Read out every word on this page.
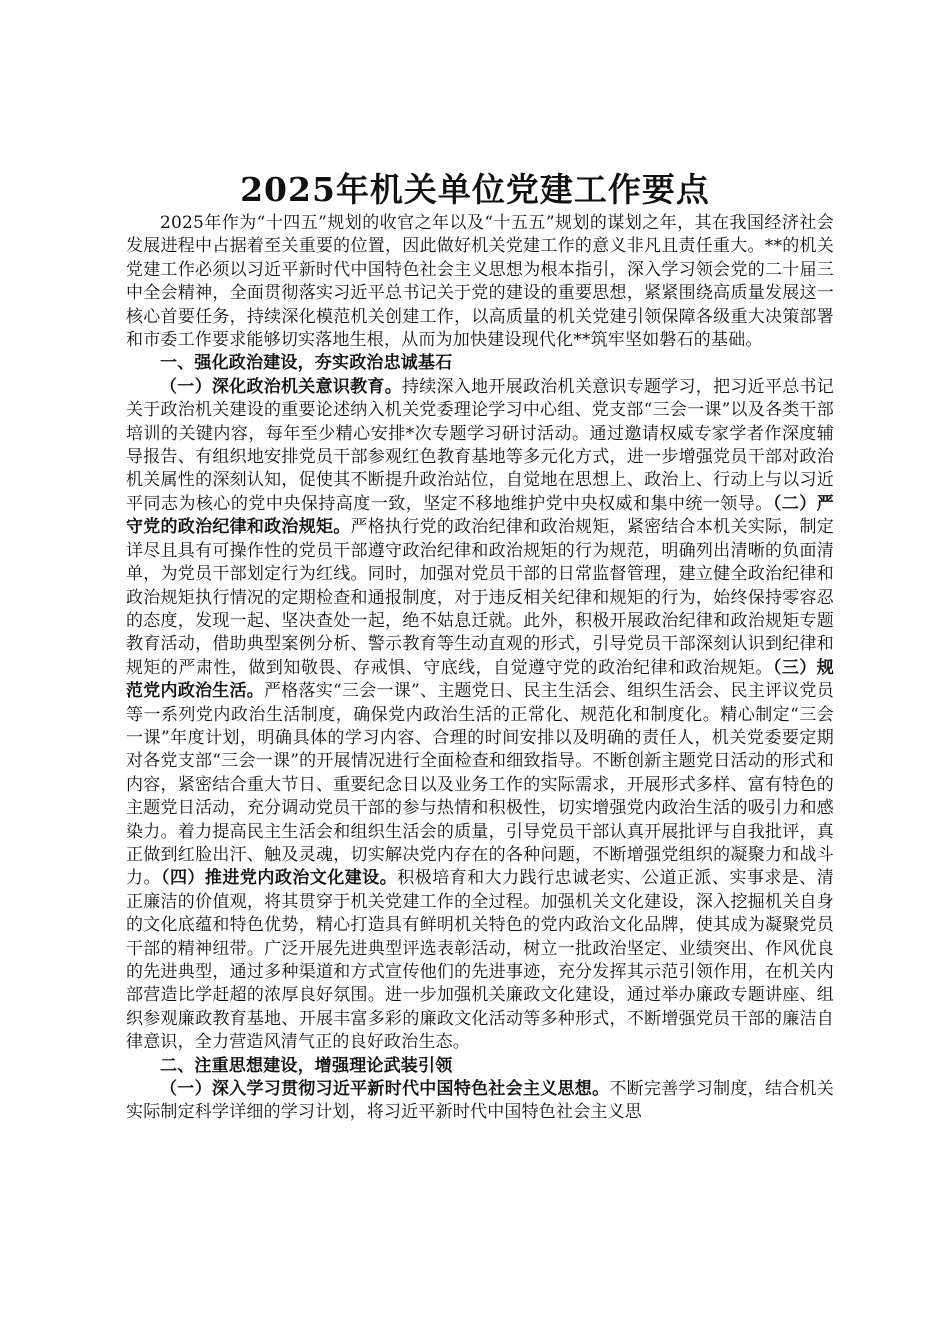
2025年机关单位党建工作要点

2025年作为“十四五”规划的收官之年以及“十五五”规划的谋划之年，其在我国经济社会发展进程中占据着至关重要的位置，因此做好机关党建工作的意义非凡且责任重大。**的机关党建工作必须以习近平新时代中国特色社会主义思想为根本指引，深入学习领会党的二十届三中全会精神，全面贯彻落实习近平总书记关于党的建设的重要思想，紧紧围绕高质量发展这一核心首要任务，持续深化模范机关创建工作，以高质量的机关党建引领保障各级重大决策部署和市委工作要求能够切实落地生根，从而为加快建设现代化**筑牢坚如磐石的基础。

一、强化政治建设，夯实政治忠诚基石

（一）深化政治机关意识教育。持续深入地开展政治机关意识专题学习，把习近平总书记关于政治机关建设的重要论述纳入机关党委理论学习中心组、党支部“三会一课”以及各类干部培训的关键内容，每年至少精心安排*次专题学习研讨活动。通过邀请权威专家学者作深度辅导报告、有组织地安排党员干部参观红色教育基地等多元化方式，进一步增强党员干部对政治机关属性的深刻认知，促使其不断提升政治站位，自觉地在思想上、政治上、行动上与以习近平同志为核心的党中央保持高度一致，坚定不移地维护党中央权威和集中统一领导。（二）严守党的政治纪律和政治规矩。严格执行党的政治纪律和政治规矩，紧密结合本机关实际，制定详尽且具有可操作性的党员干部遵守政治纪律和政治规矩的行为规范，明确列出清晰的负面清单，为党员干部划定行为红线。同时，加强对党员干部的日常监督管理，建立健全政治纪律和政治规矩执行情况的定期检查和通报制度，对于违反相关纪律和规矩的行为，始终保持零容忍的态度，发现一起、坚决查处一起，绝不姑息迁就。此外，积极开展政治纪律和政治规矩专题教育活动，借助典型案例分析、警示教育等生动直观的形式，引导党员干部深刻认识到纪律和规矩的严肃性，做到知敬畏、存戒惧、守底线，自觉遵守党的政治纪律和政治规矩。（三）规范党内政治生活。严格落实“三会一课”、主题党日、民主生活会、组织生活会、民主评议党员等一系列党内政治生活制度，确保党内政治生活的正常化、规范化和制度化。精心制定“三会一课”年度计划，明确具体的学习内容、合理的时间安排以及明确的责任人，机关党委要定期对各党支部“三会一课”的开展情况进行全面检查和细致指导。不断创新主题党日活动的形式和内容，紧密结合重大节日、重要纪念日以及业务工作的实际需求，开展形式多样、富有特色的主题党日活动，充分调动党员干部的参与热情和积极性，切实增强党内政治生活的吸引力和感染力。着力提高民主生活会和组织生活会的质量，引导党员干部认真开展批评与自我批评，真正做到红脸出汗、触及灵魂，切实解决党内存在的各种问题，不断增强党组织的凝聚力和战斗力。（四）推进党内政治文化建设。积极培育和大力践行忠诚老实、公道正派、实事求是、清正廉洁的价值观，将其贯穿于机关党建工作的全过程。加强机关文化建设，深入挖掘机关自身的文化底蕴和特色优势，精心打造具有鲜明机关特色的党内政治文化品牌，使其成为凝聚党员干部的精神纽带。广泛开展先进典型评选表彰活动，树立一批政治坚定、业绩突出、作风优良的先进典型，通过多种渠道和方式宣传他们的先进事迹，充分发挥其示范引领作用，在机关内部营造比学赶超的浓厚良好氛围。进一步加强机关廉政文化建设，通过举办廉政专题讲座、组织参观廉政教育基地、开展丰富多彩的廉政文化活动等多种形式，不断增强党员干部的廉洁自律意识，全力营造风清气正的良好政治生态。

二、注重思想建设，增强理论武装引领

（一）深入学习贯彻习近平新时代中国特色社会主义思想。不断完善学习制度，结合机关实际制定科学详细的学习计划，将习近平新时代中国特色社会主义思
